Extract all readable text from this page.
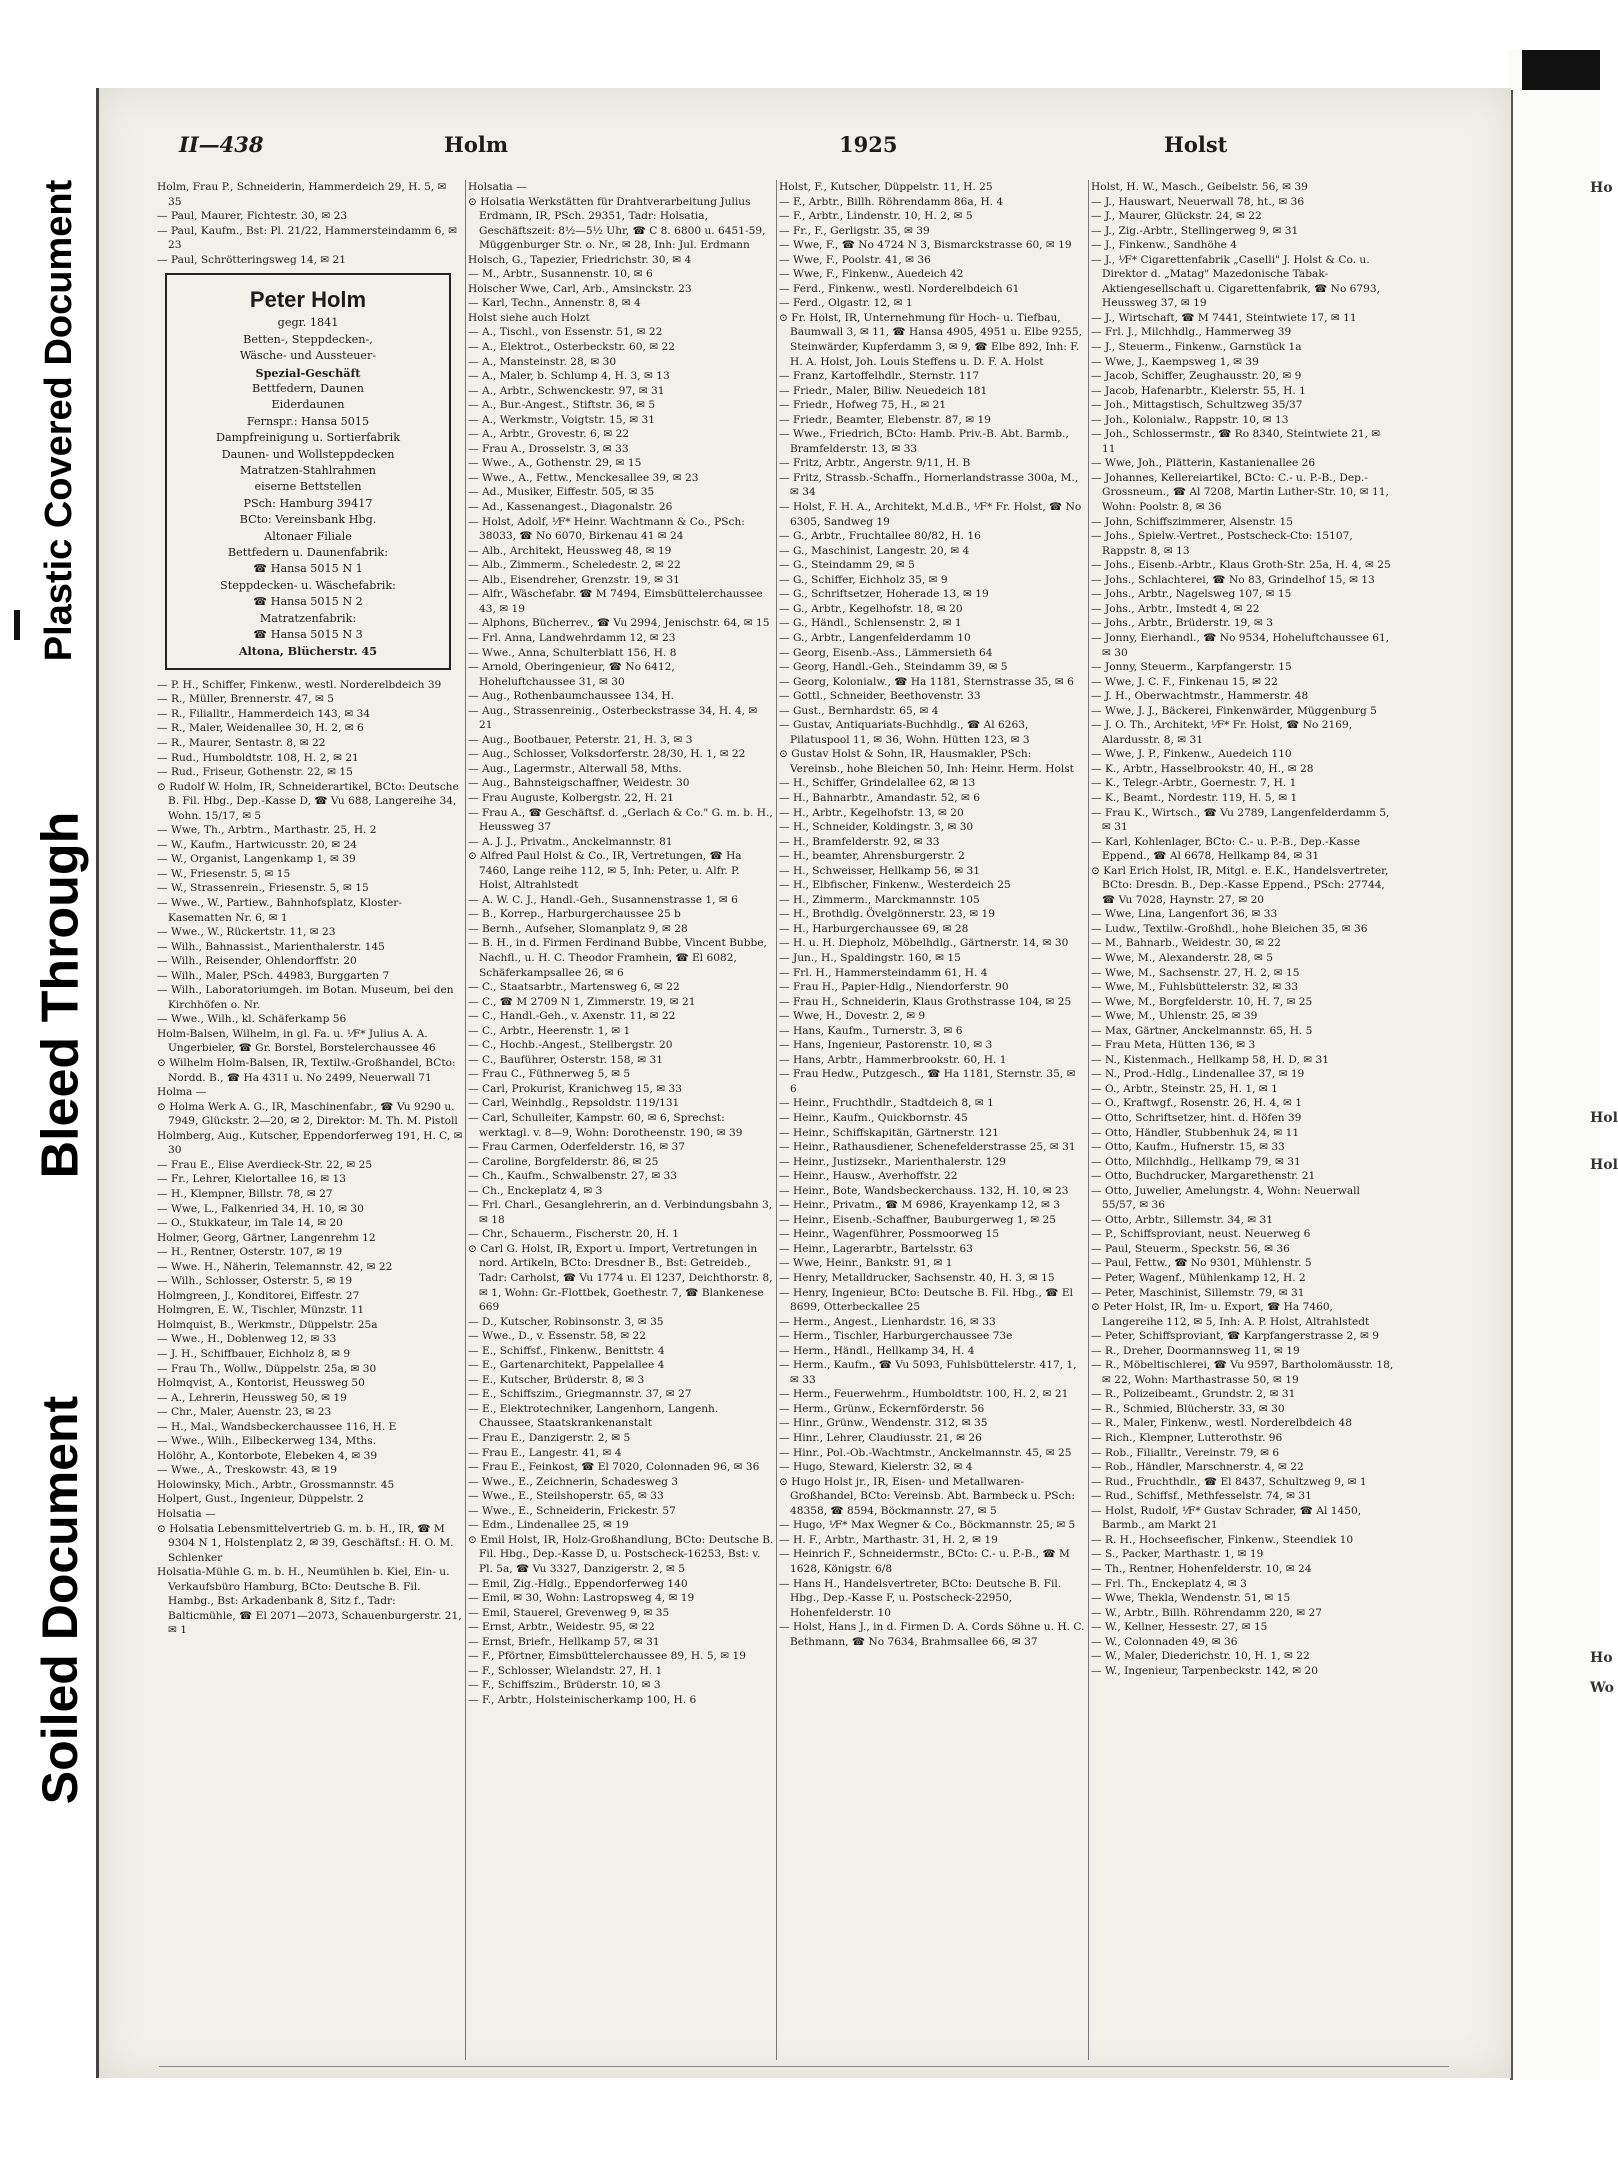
Plastic Covered Document
Bleed Through
Soiled Document
Ho
Hol
Hol
Ho
Wo
II—438	Holm	1925	Holst

Holm, Frau P., Schneiderin, Hammerdeich 29, H. 5, ✉ 35

— Paul, Maurer, Fichtestr. 30, ✉ 23

— Paul, Kaufm., Bst: Pl. 21/22, Hammersteindamm 6, ✉ 23

— Paul, Schrötteringsweg 14, ✉ 21

Peter Holm
gegr. 1841
Betten-, Steppdecken-,
Wäsche- und Aussteuer-
Spezial-Geschäft
Bettfedern, Daunen
Eiderdaunen
Fernspr.: Hansa 5015
Dampfreinigung u. Sortierfabrik
Daunen- und Wollsteppdecken
Matratzen-Stahlrahmen
eiserne Bettstellen
PSch: Hamburg 39417
BCto: Vereinsbank Hbg.
Altonaer Filiale
Bettfedern u. Daunenfabrik:
☎ Hansa 5015 N 1
Steppdecken- u. Wäschefabrik:
☎ Hansa 5015 N 2
Matratzenfabrik:
☎ Hansa 5015 N 3
Altona, Blücherstr. 45

— P. H., Schiffer, Finkenw., westl. Norderelbdeich 39

— R., Müller, Brennerstr. 47, ✉ 5

— R., Filialltr., Hammerdeich 143, ✉ 34

— R., Maler, Weidenallee 30, H. 2, ✉ 6

— R., Maurer, Sentastr. 8, ✉ 22

— Rud., Humboldtstr. 108, H. 2, ✉ 21

— Rud., Friseur, Gothenstr. 22, ✉ 15

⊙ Rudolf W. Holm, IR, Schneiderartikel, BCto: Deutsche B. Fil. Hbg., Dep.-Kasse D, ☎ Vu 688, Langereihe 34, Wohn. 15/17, ✉ 5

— Wwe, Th., Arbtrn., Marthastr. 25, H. 2

— W., Kaufm., Hartwicusstr. 20, ✉ 24

— W., Organist, Langenkamp 1, ✉ 39

— W., Friesenstr. 5, ✉ 15

— W., Strassenrein., Friesenstr. 5, ✉ 15

— Wwe., W., Partiew., Bahnhofsplatz, Kloster-Kasematten Nr. 6, ✉ 1

— Wwe., W., Rückertstr. 11, ✉ 23

— Wilh., Bahnassist., Marienthalerstr. 145

— Wilh., Reisender, Ohlendorffstr. 20

— Wilh., Maler, PSch. 44983, Burggarten 7

— Wilh., Laboratoriumgeh. im Botan. Museum, bei den Kirchhöfen o. Nr.

— Wwe., Wilh., kl. Schäferkamp 56

Holm-Balsen, Wilhelm, in gl. Fa. u. ⅟F* Julius A. A. Ungerbieler, ☎ Gr. Borstel, Borstelerchaussee 46

⊙ Wilhelm Holm-Balsen, IR, Textilw.-Großhandel, BCto: Nordd. B., ☎ Ha 4311 u. No 2499, Neuerwall 71

Holma —

⊙ Holma Werk A. G., IR, Maschinenfabr., ☎ Vu 9290 u. 7949, Glückstr. 2—20, ✉ 2, Direktor: M. Th. M. Pistoll

Holmberg, Aug., Kutscher, Eppendorferweg 191, H. C, ✉ 30

— Frau E., Elise Averdieck-Str. 22, ✉ 25

— Fr., Lehrer, Kielortallee 16, ✉ 13

— H., Klempner, Billstr. 78, ✉ 27

— Wwe, L., Falkenried 34, H. 10, ✉ 30

— O., Stukkateur, im Tale 14, ✉ 20

Holmer, Georg, Gärtner, Langenrehm 12

— H., Rentner, Osterstr. 107, ✉ 19

— Wwe. H., Näherin, Telemannstr. 42, ✉ 22

— Wilh., Schlosser, Osterstr. 5, ✉ 19

Holmgreen, J., Konditorei, Eiffestr. 27

Holmgren, E. W., Tischler, Münzstr. 11

Holmquist, B., Werkmstr., Düppelstr. 25a

— Wwe., H., Doblenweg 12, ✉ 33

— J. H., Schiffbauer, Eichholz 8, ✉ 9

— Frau Th., Wollw., Düppelstr. 25a, ✉ 30

Holmqvist, A., Kontorist, Heussweg 50

— A., Lehrerin, Heussweg 50, ✉ 19

— Chr., Maler, Auenstr. 23, ✉ 23

— H., Mal., Wandsbeckerchaussee 116, H. E

— Wwe., Wilh., Eilbeckerweg 134, Mths.

Holöhr, A., Kontorbote, Elebeken 4, ✉ 39

— Wwe., A., Treskowstr. 43, ✉ 19

Holowinsky, Mich., Arbtr., Grossmannstr. 45

Holpert, Gust., Ingenieur, Düppelstr. 2

Holsatia —

⊙ Holsatia Lebensmittelvertrieb G. m. b. H., IR, ☎ M 9304 N 1, Holstenplatz 2, ✉ 39, Geschäftsf.: H. O. M. Schlenker

Holsatia-Mühle G. m. b. H., Neumühlen b. Kiel, Ein- u. Verkaufsbüro Hamburg, BCto: Deutsche B. Fil. Hambg., Bst: Arkadenbank 8, Sitz f., Tadr: Balticmühle, ☎ El 2071—2073, Schauenburgerstr. 21, ✉ 1

Holsatia —

⊙ Holsatia Werkstätten für Drahtverarbeitung Julius Erdmann, IR, PSch. 29351, Tadr: Holsatia, Geschäftszeit: 8½—5½ Uhr, ☎ C 8. 6800 u. 6451-59, Müggenburger Str. o. Nr., ✉ 28, Inh: Jul. Erdmann

Holsch, G., Tapezier, Friedrichstr. 30, ✉ 4

— M., Arbtr., Susannenstr. 10, ✉ 6

Holscher Wwe, Carl, Arb., Amsinckstr. 23

— Karl, Techn., Annenstr. 8, ✉ 4

Holst siehe auch Holzt

— A., Tischl., von Essenstr. 51, ✉ 22

— A., Elektrot., Osterbeckstr. 60, ✉ 22

— A., Mansteinstr. 28, ✉ 30

— A., Maler, b. Schlump 4, H. 3, ✉ 13

— A., Arbtr., Schwenckestr. 97, ✉ 31

— A., Bur.-Angest., Stiftstr. 36, ✉ 5

— A., Werkmstr., Voigtstr. 15, ✉ 31

— A., Arbtr., Grovestr. 6, ✉ 22

— Frau A., Drosselstr. 3, ✉ 33

— Wwe., A., Gothenstr. 29, ✉ 15

— Wwe., A., Fettw., Menckesallee 39, ✉ 23

— Ad., Musiker, Eiffestr. 505, ✉ 35

— Ad., Kassenangest., Diagonalstr. 26

— Holst, Adolf, ⅟F* Heinr. Wachtmann & Co., PSch: 38033, ☎ No 6070, Birkenau 41 ✉ 24

— Alb., Architekt, Heussweg 48, ✉ 19

— Alb., Zimmerm., Scheledestr. 2, ✉ 22

— Alb., Eisendreher, Grenzstr. 19, ✉ 31

— Alfr., Wäschefabr. ☎ M 7494, Eimsbüttelerchaussee 43, ✉ 19

— Alphons, Bücherrev., ☎ Vu 2994, Jenischstr. 64, ✉ 15

— Frl. Anna, Landwehrdamm 12, ✉ 23

— Wwe., Anna, Schulterblatt 156, H. 8

— Arnold, Oberingenieur, ☎ No 6412, Hoheluftchaussee 31, ✉ 30

— Aug., Rothenbaumchaussee 134, H.

— Aug., Strassenreinig., Osterbeckstrasse 34, H. 4, ✉ 21

— Aug., Bootbauer, Peterstr. 21, H. 3, ✉ 3

— Aug., Schlosser, Volksdorferstr. 28/30, H. 1, ✉ 22

— Aug., Lagermstr., Alterwall 58, Mths.

— Aug., Bahnsteigschaffner, Weidestr. 30

— Frau Auguste, Kolbergstr. 22, H. 21

— Frau A., ☎ Geschäftsf. d. „Gerlach & Co." G. m. b. H., Heussweg 37

— A. J. J., Privatm., Anckelmannstr. 81

⊙ Alfred Paul Holst & Co., IR, Vertretungen, ☎ Ha 7460, Lange reihe 112, ✉ 5, Inh: Peter, u. Alfr. P. Holst, Altrahlstedt

— A. W. C. J., Handl.-Geh., Susannenstrasse 1, ✉ 6

— B., Korrep., Harburgerchaussee 25 b

— Bernh., Aufseher, Slomanplatz 9, ✉ 28

— B. H., in d. Firmen Ferdinand Bubbe, Vincent Bubbe, Nachfl., u. H. C. Theodor Framhein, ☎ El 6082, Schäferkampsallee 26, ✉ 6

— C., Staatsarbtr., Martensweg 6, ✉ 22

— C., ☎ M 2709 N 1, Zimmerstr. 19, ✉ 21

— C., Handl.-Geh., v. Axenstr. 11, ✉ 22

— C., Arbtr., Heerenstr. 1, ✉ 1

— C., Hochb.-Angest., Stellbergstr. 20

— C., Bauführer, Osterstr. 158, ✉ 31

— Frau C., Füthnerweg 5, ✉ 5

— Carl, Prokurist, Kranichweg 15, ✉ 33

— Carl, Weinhdlg., Repsoldstr. 119/131

— Carl, Schulleiter, Kampstr. 60, ✉ 6, Sprechst: werktagl. v. 8—9, Wohn: Dorotheenstr. 190, ✉ 39

— Frau Carmen, Oderfelderstr. 16, ✉ 37

— Caroline, Borgfelderstr. 86, ✉ 25

— Ch., Kaufm., Schwalbenstr. 27, ✉ 33

— Ch., Enckeplatz 4, ✉ 3

— Frl. Charl., Gesanglehrerin, an d. Verbindungsbahn 3, ✉ 18

— Chr., Schauerm., Fischerstr. 20, H. 1

⊙ Carl G. Holst, IR, Export u. Import, Vertretungen in nord. Artikeln, BCto: Dresdner B., Bst: Getreideb., Tadr: Carholst, ☎ Vu 1774 u. El 1237, Deichthorstr. 8, ✉ 1, Wohn: Gr.-Flottbek, Goethestr. 7, ☎ Blankenese 669

— D., Kutscher, Robinsonstr. 3, ✉ 35

— Wwe., D., v. Essenstr. 58, ✉ 22

— E., Schiffsf., Finkenw., Benittstr. 4

— E., Gartenarchitekt, Pappelallee 4

— E., Kutscher, Brüderstr. 8, ✉ 3

— E., Schiffszim., Griegmannstr. 37, ✉ 27

— E., Elektrotechniker, Langenhorn, Langenh. Chaussee, Staatskrankenanstalt

— Frau E., Danzigerstr. 2, ✉ 5

— Frau E., Langestr. 41, ✉ 4

— Frau E., Feinkost, ☎ El 7020, Colonnaden 96, ✉ 36

— Wwe., E., Zeichnerin, Schadesweg 3

— Wwe., E., Steilshoperstr. 65, ✉ 33

— Wwe., E., Schneiderin, Frickestr. 57

— Edm., Lindenallee 25, ✉ 19

⊙ Emil Holst, IR, Holz-Großhandlung, BCto: Deutsche B. Fil. Hbg., Dep.-Kasse D, u. Postscheck-16253, Bst: v. Pl. 5a, ☎ Vu 3327, Danzigerstr. 2, ✉ 5

— Emil, Zig.-Hdlg., Eppendorferweg 140

— Emil, ✉ 30, Wohn: Lastropsweg 4, ✉ 19

— Emil, Stauerel, Grevenweg 9, ✉ 35

— Ernst, Arbtr., Weidestr. 95, ✉ 22

— Ernst, Briefr., Hellkamp 57, ✉ 31

— F., Pförtner, Eimsbüttelerchaussee 89, H. 5, ✉ 19

— F., Schlosser, Wielandstr. 27, H. 1

— F., Schiffszim., Brüderstr. 10, ✉ 3

— F., Arbtr., Holsteinischerkamp 100, H. 6

Holst, F., Kutscher, Düppelstr. 11, H. 25

— F., Arbtr., Billh. Röhrendamm 86a, H. 4

— F., Arbtr., Lindenstr. 10, H. 2, ✉ 5

— Fr., F., Gerligstr. 35, ✉ 39

— Wwe, F., ☎ No 4724 N 3, Bismarckstrasse 60, ✉ 19

— Wwe, F., Poolstr. 41, ✉ 36

— Wwe, F., Finkenw., Auedeich 42

— Ferd., Finkenw., westl. Norderelbdeich 61

— Ferd., Olgastr. 12, ✉ 1

⊙ Fr. Holst, IR, Unternehmung für Hoch- u. Tiefbau, Baumwall 3, ✉ 11, ☎ Hansa 4905, 4951 u. Elbe 9255, Steinwärder, Kupferdamm 3, ✉ 9, ☎ Elbe 892, Inh: F. H. A. Holst, Joh. Louis Steffens u. D. F. A. Holst

— Franz, Kartoffelhdlr., Sternstr. 117

— Friedr., Maler, Biliw. Neuedeich 181

— Friedr., Hofweg 75, H., ✉ 21

— Friedr., Beamter, Elebenstr. 87, ✉ 19

— Wwe., Friedrich, BCto: Hamb. Priv.-B. Abt. Barmb., Bramfelderstr. 13, ✉ 33

— Fritz, Arbtr., Angerstr. 9/11, H. B

— Fritz, Strassb.-Schaffn., Hornerlandstrasse 300a, M., ✉ 34

— Holst, F. H. A., Architekt, M.d.B., ⅟F* Fr. Holst, ☎ No 6305, Sandweg 19

— G., Arbtr., Fruchtallee 80/82, H. 16

— G., Maschinist, Langestr. 20, ✉ 4

— G., Steindamm 29, ✉ 5

— G., Schiffer, Eichholz 35, ✉ 9

— G., Schriftsetzer, Hoherade 13, ✉ 19

— G., Arbtr., Kegelhofstr. 18, ✉ 20

— G., Händl., Schlensenstr. 2, ✉ 1

— G., Arbtr., Langenfelderdamm 10

— Georg, Eisenb.-Ass., Lämmersieth 64

— Georg, Handl.-Geh., Steindamm 39, ✉ 5

— Georg, Kolonialw., ☎ Ha 1181, Sternstrasse 35, ✉ 6

— Gottl., Schneider, Beethovenstr. 33

— Gust., Bernhardstr. 65, ✉ 4

— Gustav, Antiquariats-Buchhdlg., ☎ Al 6263, Pilatuspool 11, ✉ 36, Wohn. Hütten 123, ✉ 3

⊙ Gustav Holst & Sohn, IR, Hausmakler, PSch: Vereinsb., hohe Bleichen 50, Inh: Heinr. Herm. Holst

— H., Schiffer, Grindelallee 62, ✉ 13

— H., Bahnarbtr., Amandastr. 52, ✉ 6

— H., Arbtr., Kegelhofstr. 13, ✉ 20

— H., Schneider, Koldingstr. 3, ✉ 30

— H., Bramfelderstr. 92, ✉ 33

— H., beamter, Ahrensburgerstr. 2

— H., Schweisser, Hellkamp 56, ✉ 31

— H., Elbfischer, Finkenw., Westerdeich 25

— H., Zimmerm., Marckmannstr. 105

— H., Brothdlg. Övelgönnerstr. 23, ✉ 19

— H., Harburgerchaussee 69, ✉ 28

— H. u. H. Diepholz, Möbelhdlg., Gärtnerstr. 14, ✉ 30

— Jun., H., Spaldingstr. 160, ✉ 15

— Frl. H., Hammersteindamm 61, H. 4

— Frau H., Papier-Hdlg., Niendorferstr. 90

— Frau H., Schneiderin, Klaus Grothstrasse 104, ✉ 25

— Wwe, H., Dovestr. 2, ✉ 9

— Hans, Kaufm., Turnerstr. 3, ✉ 6

— Hans, Ingenieur, Pastorenstr. 10, ✉ 3

— Hans, Arbtr., Hammerbrookstr. 60, H. 1

— Frau Hedw., Putzgesch., ☎ Ha 1181, Sternstr. 35, ✉ 6

— Heinr., Fruchthdlr., Stadtdeich 8, ✉ 1

— Heinr., Kaufm., Quickbornstr. 45

— Heinr., Schiffskapitän, Gärtnerstr. 121

— Heinr., Rathausdiener, Schenefelderstrasse 25, ✉ 31

— Heinr., Justizsekr., Marienthalerstr. 129

— Heinr., Hausw., Averhoffstr. 22

— Heinr., Bote, Wandsbeckerchauss. 132, H. 10, ✉ 23

— Heinr., Privatm., ☎ M 6986, Krayenkamp 12, ✉ 3

— Heinr., Eisenb.-Schaffner, Bauburgerweg 1, ✉ 25

— Heinr., Wagenführer, Possmoorweg 15

— Heinr., Lagerarbtr., Bartelsstr. 63

— Wwe, Heinr., Bankstr. 91, ✉ 1

— Henry, Metalldrucker, Sachsenstr. 40, H. 3, ✉ 15

— Henry, Ingenieur, BCto: Deutsche B. Fil. Hbg., ☎ El 8699, Otterbeckallee 25

— Herm., Angest., Lienhardstr. 16, ✉ 33

— Herm., Tischler, Harburgerchaussee 73e

— Herm., Händl., Hellkamp 34, H. 4

— Herm., Kaufm., ☎ Vu 5093, Fuhlsbüttelerstr. 417, 1, ✉ 33

— Herm., Feuerwehrm., Humboldtstr. 100, H. 2, ✉ 21

— Herm., Grünw., Eckernförderstr. 56

— Hinr., Grünw., Wendenstr. 312, ✉ 35

— Hinr., Lehrer, Claudiusstr. 21, ✉ 26

— Hinr., Pol.-Ob.-Wachtmstr., Anckelmannstr. 45, ✉ 25

— Hugo, Steward, Kielerstr. 32, ✉ 4

⊙ Hugo Holst jr., IR, Eisen- und Metallwaren-Großhandel, BCto: Vereinsb. Abt. Barmbeck u. PSch: 48358, ☎ 8594, Böckmannstr. 27, ✉ 5

— Hugo, ⅟F* Max Wegner & Co., Böckmannstr. 25, ✉ 5

— H. F., Arbtr., Marthastr. 31, H. 2, ✉ 19

— Heinrich F., Schneidermstr., BCto: C.- u. P.-B., ☎ M 1628, Königstr. 6/8

— Hans H., Handelsvertreter, BCto: Deutsche B. Fil. Hbg., Dep.-Kasse F, u. Postscheck-22950, Hohenfelderstr. 10

— Holst, Hans J., in d. Firmen D. A. Cords Söhne u. H. C. Bethmann, ☎ No 7634, Brahmsallee 66, ✉ 37

Holst, H. W., Masch., Geibelstr. 56, ✉ 39

— J., Hauswart, Neuerwall 78, ht., ✉ 36

— J., Maurer, Glückstr. 24, ✉ 22

— J., Zig.-Arbtr., Stellingerweg 9, ✉ 31

— J., Finkenw., Sandhöhe 4

— J., ⅟F* Cigarettenfabrik „Caselli" J. Holst & Co. u. Direktor d. „Matag" Mazedonische Tabak-Aktiengesellschaft u. Cigarettenfabrik, ☎ No 6793, Heussweg 37, ✉ 19

— J., Wirtschaft, ☎ M 7441, Steintwiete 17, ✉ 11

— Frl. J., Milchhdlg., Hammerweg 39

— J., Steuerm., Finkenw., Garnstück 1a

— Wwe, J., Kaempsweg 1, ✉ 39

— Jacob, Schiffer, Zeughausstr. 20, ✉ 9

— Jacob, Hafenarbtr., Kielerstr. 55, H. 1

— Joh., Mittagstisch, Schultzweg 35/37

— Joh., Kolonialw., Rappstr. 10, ✉ 13

— Joh., Schlossermstr., ☎ Ro 8340, Steintwiete 21, ✉ 11

— Wwe, Joh., Plätterin, Kastanienallee 26

— Johannes, Kellereiartikel, BCto: C.- u. P.-B., Dep.-Grossneum., ☎ Al 7208, Martin Luther-Str. 10, ✉ 11, Wohn: Poolstr. 8, ✉ 36

— John, Schiffszimmerer, Alsenstr. 15

— Johs., Spielw.-Vertret., Postscheck-Cto: 15107, Rappstr. 8, ✉ 13

— Johs., Eisenb.-Arbtr., Klaus Groth-Str. 25a, H. 4, ✉ 25

— Johs., Schlachterei, ☎ No 83, Grindelhof 15, ✉ 13

— Johs., Arbtr., Nagelsweg 107, ✉ 15

— Johs., Arbtr., Imstedt 4, ✉ 22

— Johs., Arbtr., Brüderstr. 19, ✉ 3

— Jonny, Eierhandl., ☎ No 9534, Hoheluftchaussee 61, ✉ 30

— Jonny, Steuerm., Karpfangerstr. 15

— Wwe, J. C. F., Finkenau 15, ✉ 22

— J. H., Oberwachtmstr., Hammerstr. 48

— Wwe, J. J., Bäckerei, Finkenwärder, Müggenburg 5

— J. O. Th., Architekt, ⅟F* Fr. Holst, ☎ No 2169, Alardusstr. 8, ✉ 31

— Wwe, J. P., Finkenw., Auedeich 110

— K., Arbtr., Hasselbrookstr. 40, H., ✉ 28

— K., Telegr.-Arbtr., Goernestr. 7, H. 1

— K., Beamt., Nordestr. 119, H. 5, ✉ 1

— Frau K., Wirtsch., ☎ Vu 2789, Langenfelderdamm 5, ✉ 31

— Karl, Kohlenlager, BCto: C.- u. P.-B., Dep.-Kasse Eppend., ☎ Al 6678, Hellkamp 84, ✉ 31

⊙ Karl Erich Holst, IR, Mitgl. e. E.K., Handelsvertreter, BCto: Dresdn. B., Dep.-Kasse Eppend., PSch: 27744, ☎ Vu 7028, Haynstr. 27, ✉ 20

— Wwe, Lina, Langenfort 36, ✉ 33

— Ludw., Textilw.-Großhdl., hohe Bleichen 35, ✉ 36

— M., Bahnarb., Weidestr. 30, ✉ 22

— Wwe, M., Alexanderstr. 28, ✉ 5

— Wwe, M., Sachsenstr. 27, H. 2, ✉ 15

— Wwe, M., Fuhlsbüttelerstr. 32, ✉ 33

— Wwe, M., Borgfelderstr. 10, H. 7, ✉ 25

— Wwe, M., Uhlenstr. 25, ✉ 39

— Max, Gärtner, Anckelmannstr. 65, H. 5

— Frau Meta, Hütten 136, ✉ 3

— N., Kistenmach., Hellkamp 58, H. D, ✉ 31

— N., Prod.-Hdlg., Lindenallee 37, ✉ 19

— O., Arbtr., Steinstr. 25, H. 1, ✉ 1

— O., Kraftwgf., Rosenstr. 26, H. 4, ✉ 1

— Otto, Schriftsetzer, hint. d. Höfen 39

— Otto, Händler, Stubbenhuk 24, ✉ 11

— Otto, Kaufm., Hufnerstr. 15, ✉ 33

— Otto, Milchhdlg., Hellkamp 79, ✉ 31

— Otto, Buchdrucker, Margarethenstr. 21

— Otto, Juwelier, Amelungstr. 4, Wohn: Neuerwall 55/57, ✉ 36

— Otto, Arbtr., Sillemstr. 34, ✉ 31

— P., Schiffsproviant, neust. Neuerweg 6

— Paul, Steuerm., Speckstr. 56, ✉ 36

— Paul, Fettw., ☎ No 9301, Mühlenstr. 5

— Peter, Wagenf., Mühlenkamp 12, H. 2

— Peter, Maschinist, Sillemstr. 79, ✉ 31

⊙ Peter Holst, IR, Im- u. Export, ☎ Ha 7460, Langereihe 112, ✉ 5, Inh: A. P. Holst, Altrahlstedt

— Peter, Schiffsproviant, ☎ Karpfangerstrasse 2, ✉ 9

— R., Dreher, Doormannsweg 11, ✉ 19

— R., Möbeltischlerei, ☎ Vu 9597, Bartholomäusstr. 18, ✉ 22, Wohn: Marthastrasse 50, ✉ 19

— R., Polizeibeamt., Grundstr. 2, ✉ 31

— R., Schmied, Blücherstr. 33, ✉ 30

— R., Maler, Finkenw., westl. Norderelbdeich 48

— Rich., Klempner, Lutterothstr. 96

— Rob., Filialltr., Vereinstr. 79, ✉ 6

— Rob., Händler, Marschnerstr. 4, ✉ 22

— Rud., Fruchthdlr., ☎ El 8437, Schultzweg 9, ✉ 1

— Rud., Schiffsf., Methfesselstr. 74, ✉ 31

— Holst, Rudolf, ⅟F* Gustav Schrader, ☎ Al 1450, Barmb., am Markt 21

— R. H., Hochseefischer, Finkenw., Steendiek 10

— S., Packer, Marthastr. 1, ✉ 19

— Th., Rentner, Hohenfelderstr. 10, ✉ 24

— Frl. Th., Enckeplatz 4, ✉ 3

— Wwe, Thekla, Wendenstr. 51, ✉ 15

— W., Arbtr., Billh. Röhrendamm 220, ✉ 27

— W., Kellner, Hessestr. 27, ✉ 15

— W., Colonnaden 49, ✉ 36

— W., Maler, Diederichstr. 10, H. 1, ✉ 22

— W., Ingenieur, Tarpenbeckstr. 142, ✉ 20
